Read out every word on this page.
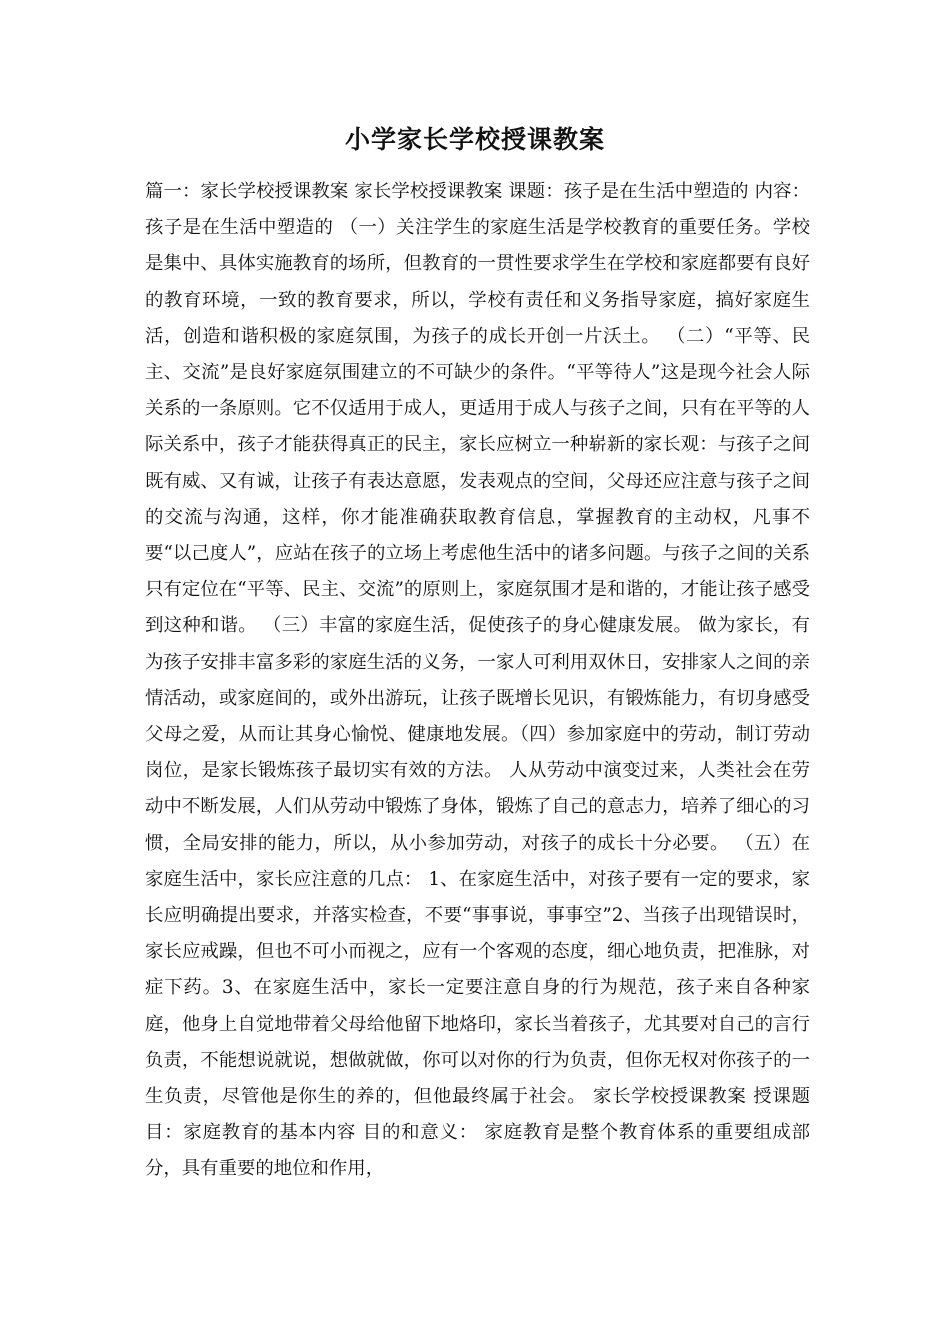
小学家长学校授课教案

篇一：家长学校授课教案 家长学校授课教案 课题：孩子是在生活中塑造的 内容：孩子是在生活中塑造的 （一）关注学生的家庭生活是学校教育的重要任务。学校是集中、具体实施教育的场所，但教育的一贯性要求学生在学校和家庭都要有良好的教育环境，一致的教育要求，所以，学校有责任和义务指导家庭，搞好家庭生活，创造和谐积极的家庭氛围，为孩子的成长开创一片沃土。 （二）“平等、民主、交流”是良好家庭氛围建立的不可缺少的条件。“平等待人”这是现今社会人际关系的一条原则。它不仅适用于成人，更适用于成人与孩子之间，只有在平等的人际关系中，孩子才能获得真正的民主，家长应树立一种崭新的家长观：与孩子之间既有威、又有诚，让孩子有表达意愿，发表观点的空间，父母还应注意与孩子之间的交流与沟通，这样，你才能准确获取教育信息，掌握教育的主动权，凡事不要“以己度人”，应站在孩子的立场上考虑他生活中的诸多问题。与孩子之间的关系只有定位在“平等、民主、交流”的原则上，家庭氛围才是和谐的，才能让孩子感受到这种和谐。 （三）丰富的家庭生活，促使孩子的身心健康发展。 做为家长，有为孩子安排丰富多彩的家庭生活的义务，一家人可利用双休日，安排家人之间的亲情活动，或家庭间的，或外出游玩，让孩子既增长见识，有锻炼能力，有切身感受父母之爱，从而让其身心愉悦、健康地发展。（四）参加家庭中的劳动，制订劳动岗位，是家长锻炼孩子最切实有效的方法。 人从劳动中演变过来，人类社会在劳动中不断发展，人们从劳动中锻炼了身体，锻炼了自己的意志力，培养了细心的习惯，全局安排的能力，所以，从小参加劳动，对孩子的成长十分必要。 （五）在家庭生活中，家长应注意的几点： 1、在家庭生活中，对孩子要有一定的要求，家长应明确提出要求，并落实检查，不要“事事说，事事空”2、当孩子出现错误时，家长应戒躁，但也不可小而视之，应有一个客观的态度，细心地负责，把准脉，对症下药。3、在家庭生活中，家长一定要注意自身的行为规范，孩子来自各种家庭，他身上自觉地带着父母给他留下地烙印，家长当着孩子，尤其要对自己的言行负责，不能想说就说，想做就做，你可以对你的行为负责，但你无权对你孩子的一生负责，尽管他是你生的养的，但他最终属于社会。 家长学校授课教案 授课题目：家庭教育的基本内容 目的和意义： 家庭教育是整个教育体系的重要组成部分，具有重要的地位和作用，
